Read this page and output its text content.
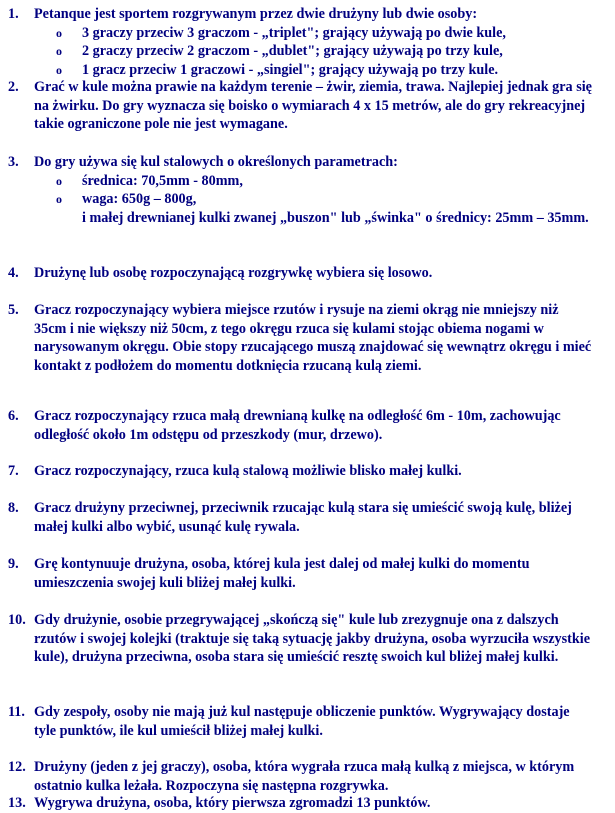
1.	Petanque jest sportem rozgrywanym przez dwie drużyny lub dwie osoby:
o 3 graczy przeciw 3 graczom - „triplet"; grający używają po dwie kule,
o 2 graczy przeciw 2 graczom - „dublet"; grający używają po trzy kule,
o 1 gracz przeciw 1 graczowi - „singiel"; grający używają po trzy kule.
2.	Grać w kule można prawie na każdym terenie – żwir, ziemia, trawa. Najlepiej jednak gra się na żwirku. Do gry wyznacza się boisko o wymiarach 4 x 15 metrów, ale do gry rekreacyjnej takie ograniczone pole nie jest wymagane.
3.	Do gry używa się kul stalowych o określonych parametrach:
o średnica: 70,5mm - 80mm,
o waga: 650g – 800g,
i małej drewnianej kulki zwanej „buszon" lub „świnka" o średnicy: 25mm – 35mm.
4.	Drużynę lub osobę rozpoczynającą rozgrywkę wybiera się losowo.
5.	Gracz rozpoczynający wybiera miejsce rzutów i rysuje na ziemi okrąg nie mniejszy niż 35cm i nie większy niż 50cm, z tego okręgu rzuca się kulami stojąc obiema nogami w narysowanym okręgu. Obie stopy rzucającego muszą znajdować się wewnątrz okręgu i mieć kontakt z podłożem do momentu dotknięcia rzucaną kulą ziemi.
6.	Gracz rozpoczynający rzuca małą drewnianą kulkę na odległość 6m - 10m, zachowując odległość około 1m odstępu od przeszkody (mur, drzewo).
7.	Gracz rozpoczynający, rzuca kulą stalową możliwie blisko małej kulki.
8.	Gracz drużyny przeciwnej, przeciwnik rzucając kulą stara się umieścić swoją kulę, bliżej małej kulki albo wybić, usunąć kulę rywala.
9.	Grę kontynuuje drużyna, osoba, której kula jest dalej od małej kulki do momentu umieszczenia swojej kuli bliżej małej kulki.
10. Gdy drużynie, osobie przegrywającej „skończą się" kule lub zrezygnuje ona z dalszych rzutów i swojej kolejki (traktuje się taką sytuację jakby drużyna, osoba wyrzuciła wszystkie kule), drużyna przeciwna, osoba stara się umieścić resztę swoich kul bliżej małej kulki.
11. Gdy zespoły, osoby nie mają już kul następuje obliczenie punktów. Wygrywający dostaje tyle punktów, ile kul umieścił bliżej małej kulki.
12. Drużyny (jeden z jej graczy), osoba, która wygrała rzuca małą kulką z miejsca, w którym ostatnio kulka leżała. Rozpoczyna się następna rozgrywka.
13. Wygrywa drużyna, osoba, który pierwsza zgromadzi 13 punktów.
